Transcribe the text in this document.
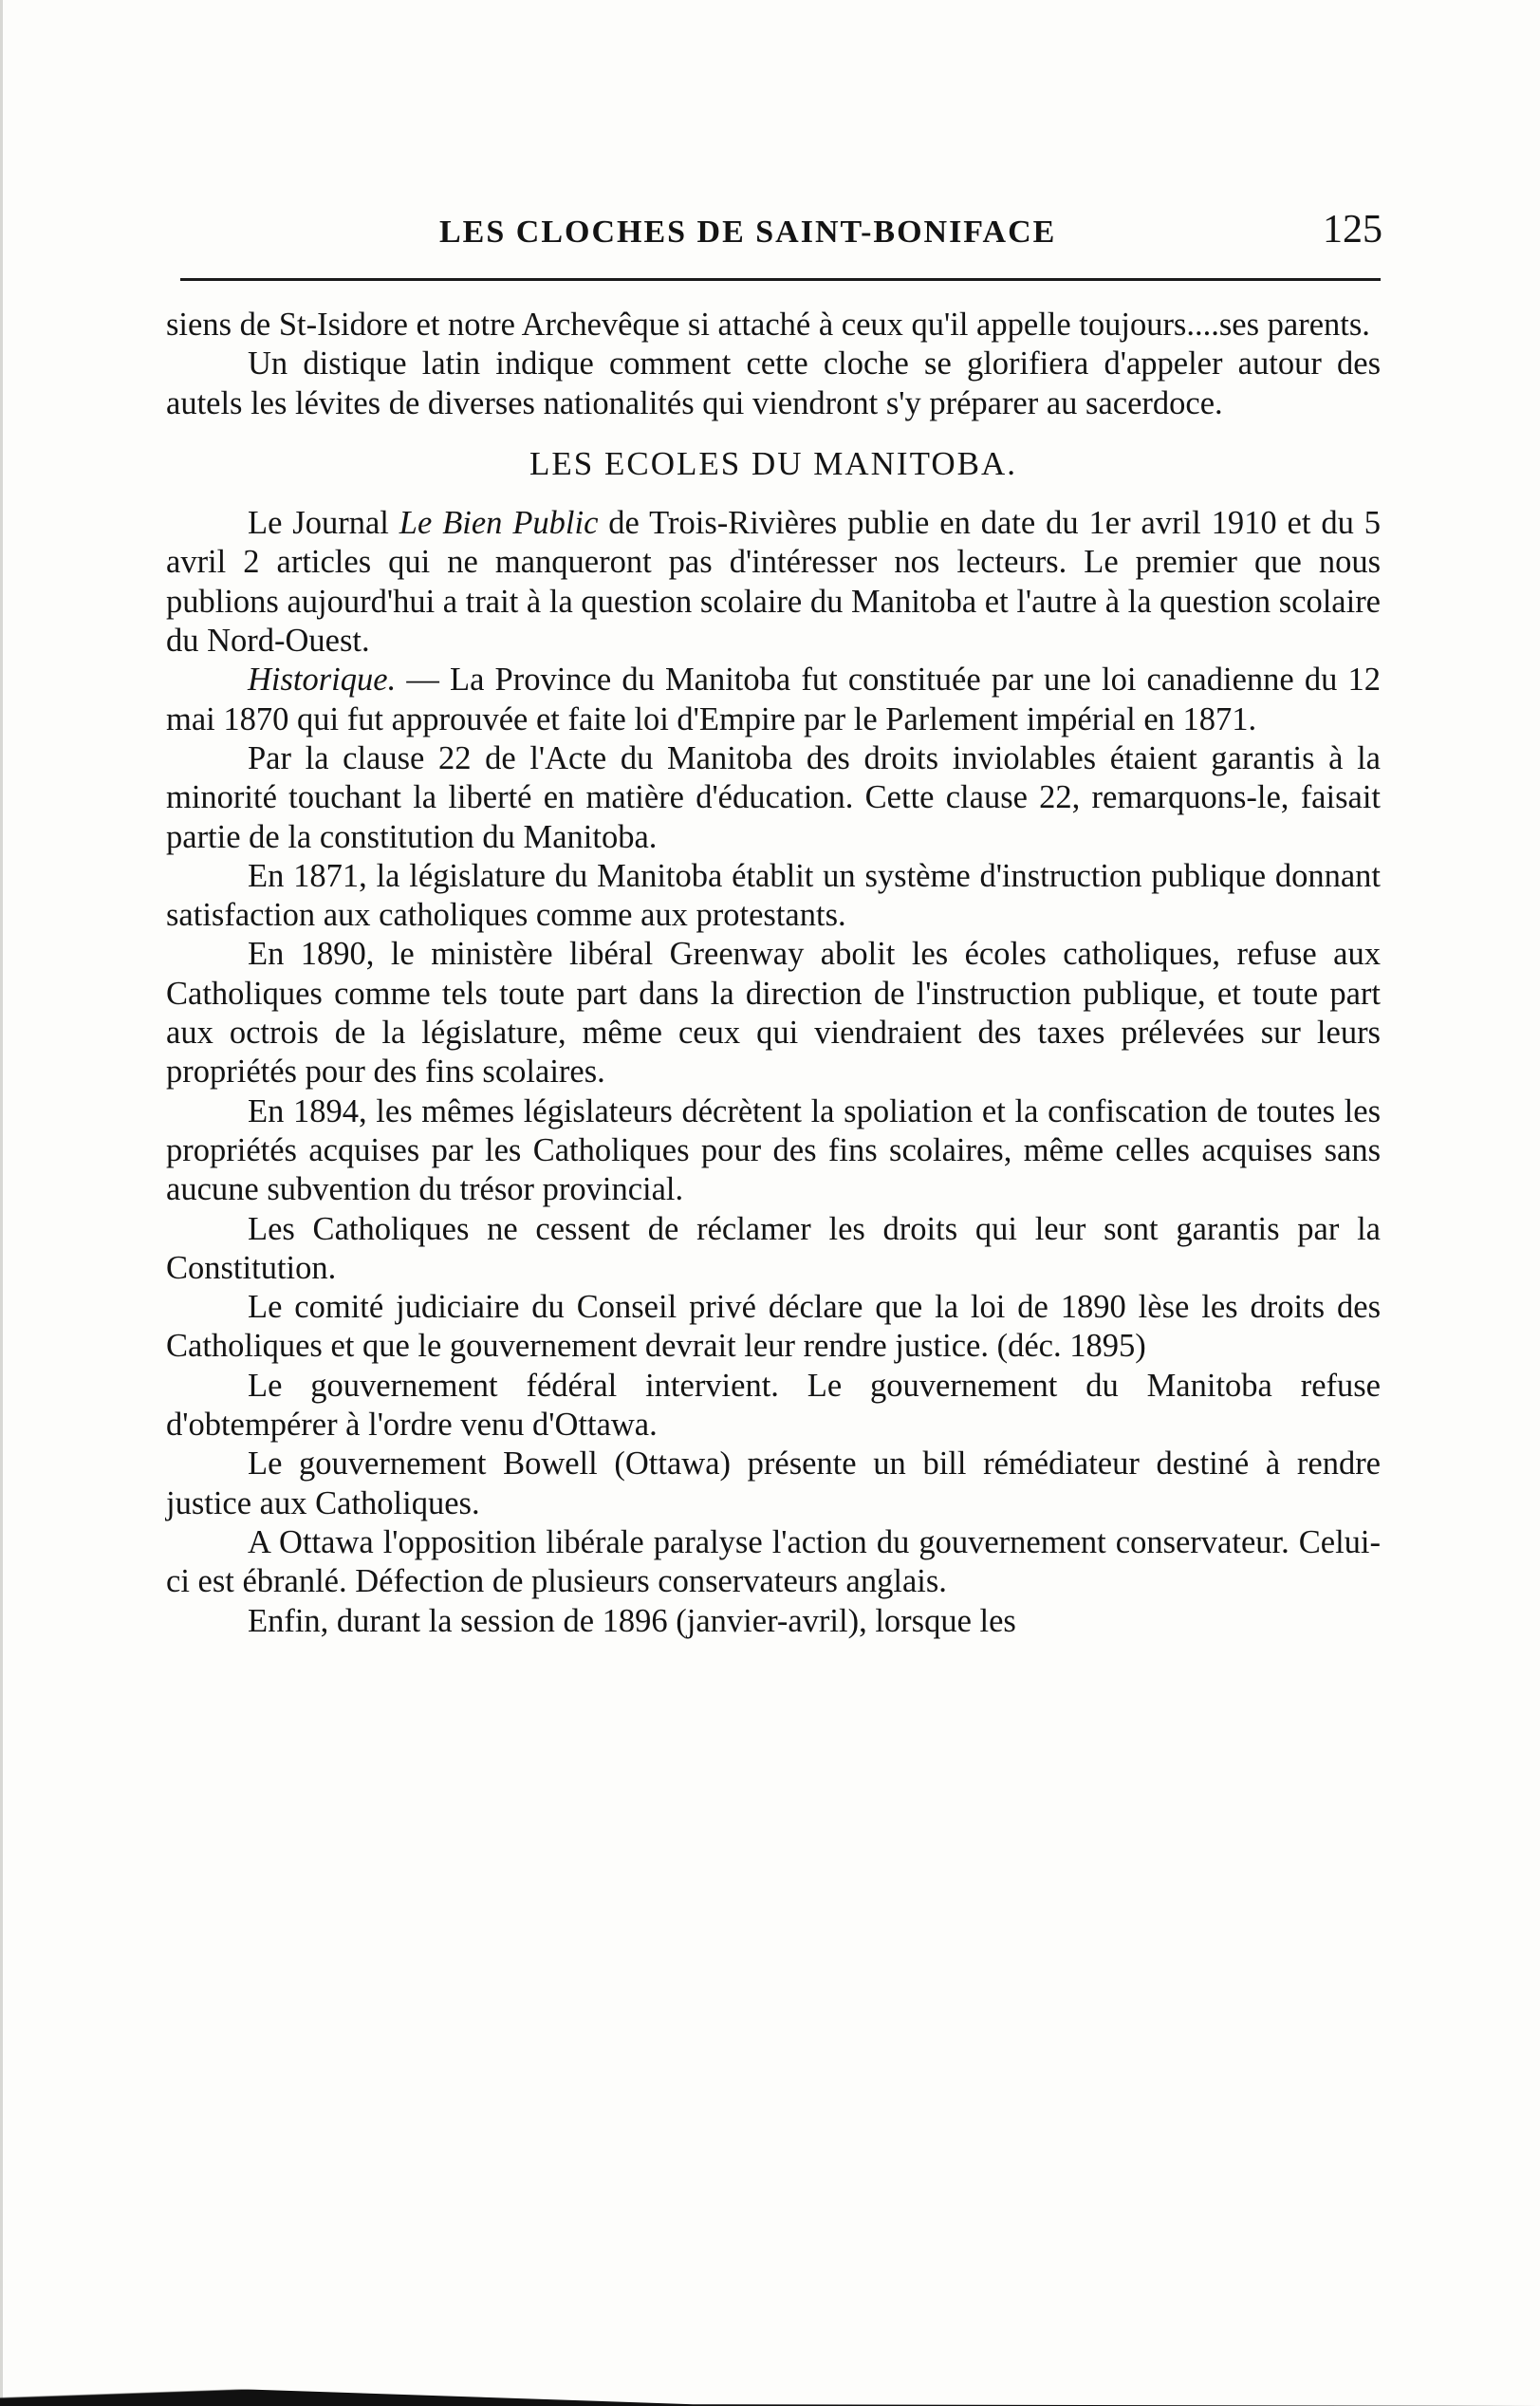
LES CLOCHES DE SAINT-BONIFACE	125

siens de St-Isidore et notre Archevêque si attaché à ceux qu'il appelle toujours....ses parents.

Un distique latin indique comment cette cloche se glorifiera d'appeler autour des autels les lévites de diverses nationalités qui viendront s'y préparer au sacerdoce.

LES ECOLES DU MANITOBA.

Le Journal Le Bien Public de Trois-Rivières publie en date du 1er avril 1910 et du 5 avril 2 articles qui ne manqueront pas d'intéresser nos lecteurs. Le premier que nous publions aujourd'hui a trait à la question scolaire du Manitoba et l'autre à la question scolaire du Nord-Ouest.

Historique. — La Province du Manitoba fut constituée par une loi canadienne du 12 mai 1870 qui fut approuvée et faite loi d'Empire par le Parlement impérial en 1871.

Par la clause 22 de l'Acte du Manitoba des droits inviolables étaient garantis à la minorité touchant la liberté en matière d'éducation. Cette clause 22, remarquons-le, faisait partie de la constitution du Manitoba.

En 1871, la législature du Manitoba établit un système d'instruction publique donnant satisfaction aux catholiques comme aux protestants.

En 1890, le ministère libéral Greenway abolit les écoles catholiques, refuse aux Catholiques comme tels toute part dans la direction de l'instruction publique, et toute part aux octrois de la législature, même ceux qui viendraient des taxes prélevées sur leurs propriétés pour des fins scolaires.

En 1894, les mêmes législateurs décrètent la spoliation et la confiscation de toutes les propriétés acquises par les Catholiques pour des fins scolaires, même celles acquises sans aucune subvention du trésor provincial.

Les Catholiques ne cessent de réclamer les droits qui leur sont garantis par la Constitution.

Le comité judiciaire du Conseil privé déclare que la loi de 1890 lèse les droits des Catholiques et que le gouvernement devrait leur rendre justice. (déc. 1895)

Le gouvernement fédéral intervient. Le gouvernement du Manitoba refuse d'obtempérer à l'ordre venu d'Ottawa.

Le gouvernement Bowell (Ottawa) présente un bill rémédiateur destiné à rendre justice aux Catholiques.

A Ottawa l'opposition libérale paralyse l'action du gouvernement conservateur. Celui-ci est ébranlé. Défection de plusieurs conservateurs anglais.

Enfin, durant la session de 1896 (janvier-avril), lorsque les
